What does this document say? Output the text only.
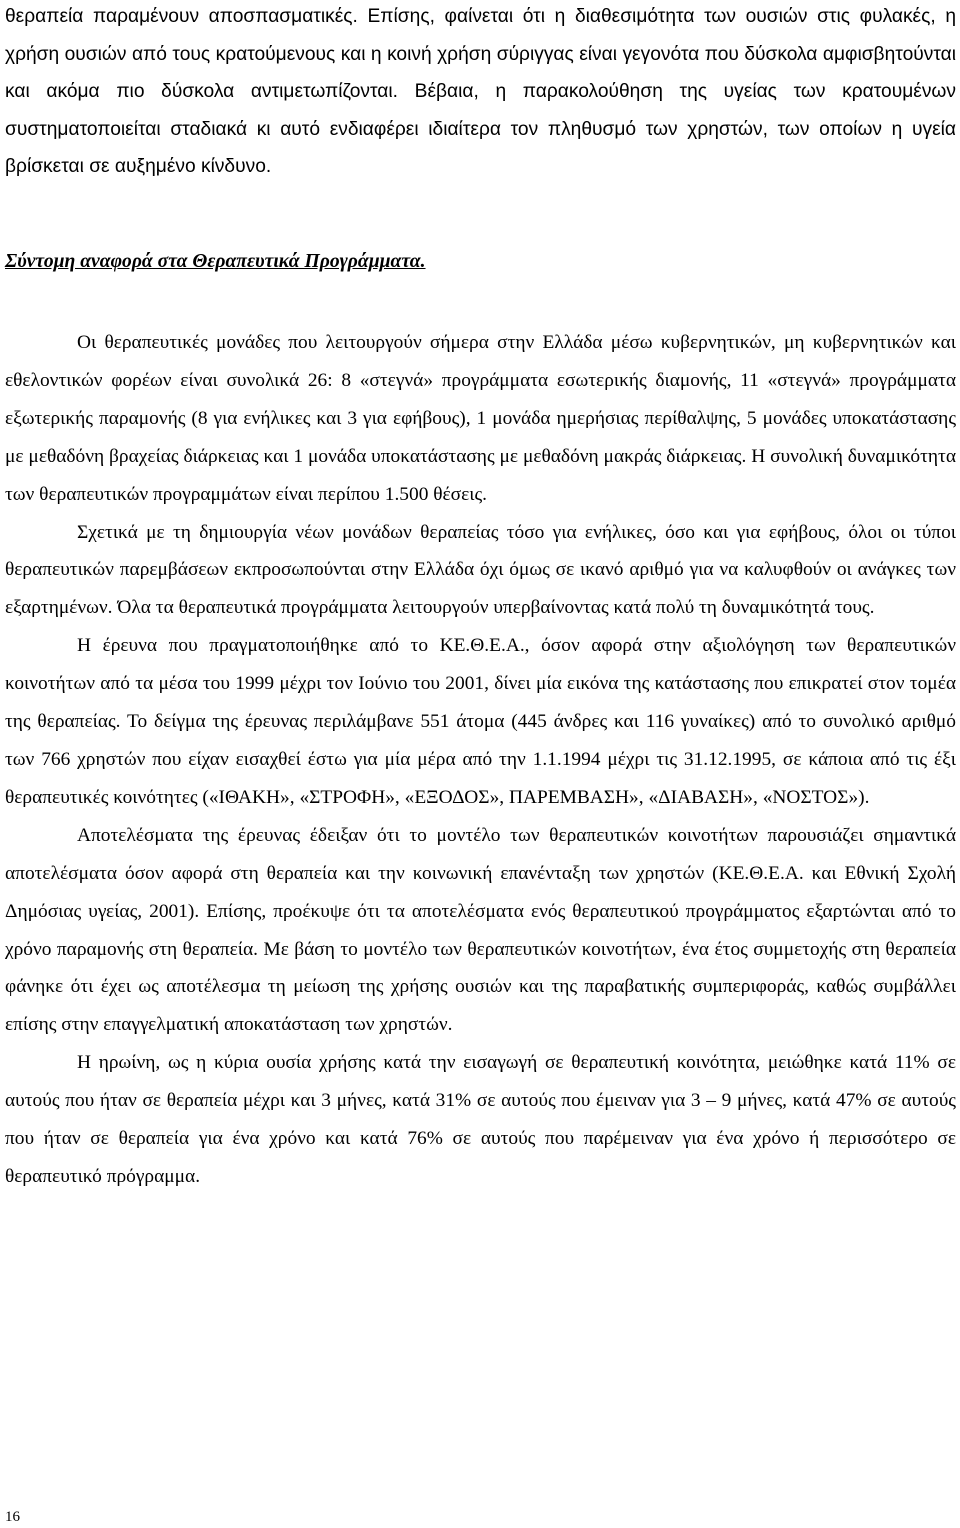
θεραπεία παραμένουν αποσπασματικές. Επίσης, φαίνεται ότι η διαθεσιμότητα των ουσιών στις φυλακές, η χρήση ουσιών από τους κρατούμενους και η κοινή χρήση σύριγγας είναι γεγονότα που δύσκολα αμφισβητούνται και ακόμα πιο δύσκολα αντιμετωπίζονται. Βέβαια, η παρακολούθηση της υγείας των κρατουμένων συστηματοποιείται σταδιακά κι αυτό ενδιαφέρει ιδιαίτερα τον πληθυσμό των χρηστών, των οποίων η υγεία βρίσκεται σε αυξημένο κίνδυνο.

Σύντομη αναφορά στα Θεραπευτικά Προγράμματα.

Οι θεραπευτικές μονάδες που λειτουργούν σήμερα στην Ελλάδα μέσω κυβερνητικών, μη κυβερνητικών και εθελοντικών φορέων είναι συνολικά 26: 8 «στεγνά» προγράμματα εσωτερικής διαμονής, 11 «στεγνά» προγράμματα εξωτερικής παραμονής (8 για ενήλικες και 3 για εφήβους), 1 μονάδα ημερήσιας περίθαλψης, 5 μονάδες υποκατάστασης με μεθαδόνη βραχείας διάρκειας και 1 μονάδα υποκατάστασης με μεθαδόνη μακράς διάρκειας. Η συνολική δυναμικότητα των θεραπευτικών προγραμμάτων είναι περίπου 1.500 θέσεις.

Σχετικά με τη δημιουργία νέων μονάδων θεραπείας τόσο για ενήλικες, όσο και για εφήβους, όλοι οι τύποι θεραπευτικών παρεμβάσεων εκπροσωπούνται στην Ελλάδα όχι όμως σε ικανό αριθμό για να καλυφθούν οι ανάγκες των εξαρτημένων. Όλα τα θεραπευτικά προγράμματα λειτουργούν υπερβαίνοντας κατά πολύ τη δυναμικότητά τους.

Η έρευνα που πραγματοποιήθηκε από το ΚΕ.Θ.Ε.Α., όσον αφορά στην αξιολόγηση των θεραπευτικών κοινοτήτων από τα μέσα του 1999 μέχρι τον Ιούνιο του 2001, δίνει μία εικόνα της κατάστασης που επικρατεί στον τομέα της θεραπείας. Το δείγμα της έρευνας περιλάμβανε 551 άτομα (445 άνδρες και 116 γυναίκες) από το συνολικό αριθμό των 766 χρηστών που είχαν εισαχθεί έστω για μία μέρα από την 1.1.1994 μέχρι τις 31.12.1995, σε κάποια από τις έξι θεραπευτικές κοινότητες («ΙΘΑΚΗ», «ΣΤΡΟΦΗ», «ΕΞΟΔΟΣ», ΠΑΡΕΜΒΑΣΗ», «ΔΙΑΒΑΣΗ», «ΝΟΣΤΟΣ»).

Αποτελέσματα της έρευνας έδειξαν ότι το μοντέλο των θεραπευτικών κοινοτήτων παρουσιάζει σημαντικά αποτελέσματα όσον αφορά στη θεραπεία και την κοινωνική επανένταξη των χρηστών (ΚΕ.Θ.Ε.Α. και Εθνική Σχολή Δημόσιας υγείας, 2001). Επίσης, προέκυψε ότι τα αποτελέσματα ενός θεραπευτικού προγράμματος εξαρτώνται από το χρόνο παραμονής στη θεραπεία. Με βάση το μοντέλο των θεραπευτικών κοινοτήτων, ένα έτος συμμετοχής στη θεραπεία φάνηκε ότι έχει ως αποτέλεσμα τη μείωση της χρήσης ουσιών και της παραβατικής συμπεριφοράς, καθώς συμβάλλει επίσης στην επαγγελματική αποκατάσταση των χρηστών.

Η ηρωίνη, ως η κύρια ουσία χρήσης κατά την εισαγωγή σε θεραπευτική κοινότητα, μειώθηκε κατά 11% σε αυτούς που ήταν σε θεραπεία μέχρι και 3 μήνες, κατά 31% σε αυτούς που έμειναν για 3 – 9 μήνες, κατά 47% σε αυτούς που ήταν σε θεραπεία για ένα χρόνο και κατά 76% σε αυτούς που παρέμειναν για ένα χρόνο ή περισσότερο σε θεραπευτικό πρόγραμμα.

16
